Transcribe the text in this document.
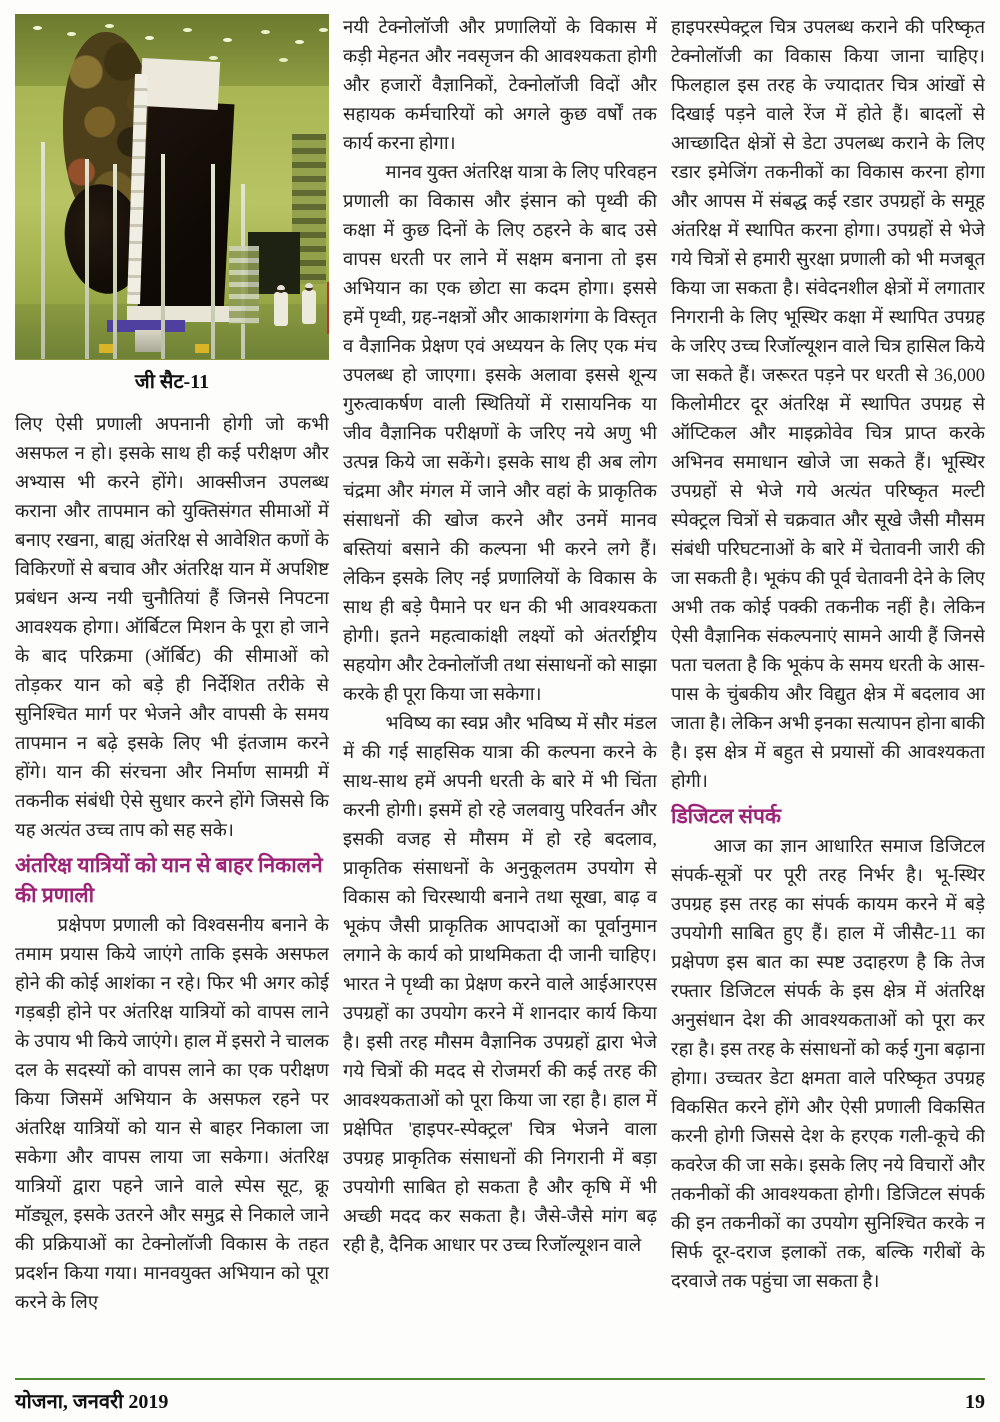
जी सैट-11

लिए ऐसी प्रणाली अपनानी होगी जो कभी असफल न हो। इसके साथ ही कई परीक्षण और अभ्यास भी करने होंगे। आक्सीजन उपलब्ध कराना और तापमान को युक्तिसंगत सीमाओं में बनाए रखना, बाह्य अंतरिक्ष से आवेशित कणों के विकिरणों से बचाव और अंतरिक्ष यान में अपशिष्ट प्रबंधन अन्य नयी चुनौतियां हैं जिनसे निपटना आवश्यक होगा। ऑर्बिटल मिशन के पूरा हो जाने के बाद परिक्रमा (ऑर्बिट) की सीमाओं को तोड़कर यान को बड़े ही निर्देशित तरीके से सुनिश्चित मार्ग पर भेजने और वापसी के समय तापमान न बढ़े इसके लिए भी इंतजाम करने होंगे। यान की संरचना और निर्माण सामग्री में तकनीक संबंधी ऐसे सुधार करने होंगे जिससे कि यह अत्यंत उच्च ताप को सह सके।

अंतरिक्ष यात्रियों को यान से बाहर निकालने की प्रणाली

प्रक्षेपण प्रणाली को विश्वसनीय बनाने के तमाम प्रयास किये जाएंगे ताकि इसके असफल होने की कोई आशंका न रहे। फिर भी अगर कोई गड़बड़ी होने पर अंतरिक्ष यात्रियों को वापस लाने के उपाय भी किये जाएंगे। हाल में इसरो ने चालक दल के सदस्यों को वापस लाने का एक परीक्षण किया जिसमें अभियान के असफल रहने पर अंतरिक्ष यात्रियों को यान से बाहर निकाला जा सकेगा और वापस लाया जा सकेगा। अंतरिक्ष यात्रियों द्वारा पहने जाने वाले स्पेस सूट, क्रू मॉड्यूल, इसके उतरने और समुद्र से निकाले जाने की प्रक्रियाओं का टेक्नोलॉजी विकास के तहत प्रदर्शन किया गया। मानवयुक्त अभियान को पूरा करने के लिए

नयी टेक्नोलॉजी और प्रणालियों के विकास में कड़ी मेहनत और नवसृजन की आवश्यकता होगी और हजारों वैज्ञानिकों, टेक्नोलॉजी विदों और सहायक कर्मचारियों को अगले कुछ वर्षों तक कार्य करना होगा।

मानव युक्त अंतरिक्ष यात्रा के लिए परिवहन प्रणाली का विकास और इंसान को पृथ्वी की कक्षा में कुछ दिनों के लिए ठहरने के बाद उसे वापस धरती पर लाने में सक्षम बनाना तो इस अभियान का एक छोटा सा कदम होगा। इससे हमें पृथ्वी, ग्रह-नक्षत्रों और आकाशगंगा के विस्तृत व वैज्ञानिक प्रेक्षण एवं अध्ययन के लिए एक मंच उपलब्ध हो जाएगा। इसके अलावा इससे शून्य गुरुत्वाकर्षण वाली स्थितियों में रासायनिक या जीव वैज्ञानिक परीक्षणों के जरिए नये अणु भी उत्पन्न किये जा सकेंगे। इसके साथ ही अब लोग चंद्रमा और मंगल में जाने और वहां के प्राकृतिक संसाधनों की खोज करने और उनमें मानव बस्तियां बसाने की कल्पना भी करने लगे हैं। लेकिन इसके लिए नई प्रणालियों के विकास के साथ ही बड़े पैमाने पर धन की भी आवश्यकता होगी। इतने महत्वाकांक्षी लक्ष्यों को अंतर्राष्ट्रीय सहयोग और टेक्नोलॉजी तथा संसाधनों को साझा करके ही पूरा किया जा सकेगा।

भविष्य का स्वप्न और भविष्य में सौर मंडल में की गई साहसिक यात्रा की कल्पना करने के साथ-साथ हमें अपनी धरती के बारे में भी चिंता करनी होगी। इसमें हो रहे जलवायु परिवर्तन और इसकी वजह से मौसम में हो रहे बदलाव, प्राकृतिक संसाधनों के अनुकूलतम उपयोग से विकास को चिरस्थायी बनाने तथा सूखा, बाढ़ व भूकंप जैसी प्राकृतिक आपदाओं का पूर्वानुमान लगाने के कार्य को प्राथमिकता दी जानी चाहिए। भारत ने पृथ्वी का प्रेक्षण करने वाले आईआरएस उपग्रहों का उपयोग करने में शानदार कार्य किया है। इसी तरह मौसम वैज्ञानिक उपग्रहों द्वारा भेजे गये चित्रों की मदद से रोजमर्रा की कई तरह की आवश्यकताओं को पूरा किया जा रहा है। हाल में प्रक्षेपित 'हाइपर-स्पेक्ट्रल' चित्र भेजने वाला उपग्रह प्राकृतिक संसाधनों की निगरानी में बड़ा उपयोगी साबित हो सकता है और कृषि में भी अच्छी मदद कर सकता है। जैसे-जैसे मांग बढ़ रही है, दैनिक आधार पर उच्च रिजॉल्यूशन वाले

हाइपरस्पेक्ट्रल चित्र उपलब्ध कराने की परिष्कृत टेक्नोलॉजी का विकास किया जाना चाहिए। फिलहाल इस तरह के ज्यादातर चित्र आंखों से दिखाई पड़ने वाले रेंज में होते हैं। बादलों से आच्छादित क्षेत्रों से डेटा उपलब्ध कराने के लिए रडार इमेजिंग तकनीकों का विकास करना होगा और आपस में संबद्ध कई रडार उपग्रहों के समूह अंतरिक्ष में स्थापित करना होगा। उपग्रहों से भेजे गये चित्रों से हमारी सुरक्षा प्रणाली को भी मजबूत किया जा सकता है। संवेदनशील क्षेत्रों में लगातार निगरानी के लिए भूस्थिर कक्षा में स्थापित उपग्रह के जरिए उच्च रिजॉल्यूशन वाले चित्र हासिल किये जा सकते हैं। जरूरत पड़ने पर धरती से 36,000 किलोमीटर दूर अंतरिक्ष में स्थापित उपग्रह से ऑप्टिकल और माइक्रोवेव चित्र प्राप्त करके अभिनव समाधान खोजे जा सकते हैं। भूस्थिर उपग्रहों से भेजे गये अत्यंत परिष्कृत मल्टी स्पेक्ट्रल चित्रों से चक्रवात और सूखे जैसी मौसम संबंधी परिघटनाओं के बारे में चेतावनी जारी की जा सकती है। भूकंप की पूर्व चेतावनी देने के लिए अभी तक कोई पक्की तकनीक नहीं है। लेकिन ऐसी वैज्ञानिक संकल्पनाएं सामने आयी हैं जिनसे पता चलता है कि भूकंप के समय धरती के आस-पास के चुंबकीय और विद्युत क्षेत्र में बदलाव आ जाता है। लेकिन अभी इनका सत्यापन होना बाकी है। इस क्षेत्र में बहुत से प्रयासों की आवश्यकता होगी।

डिजिटल संपर्क

आज का ज्ञान आधारित समाज डिजिटल संपर्क-सूत्रों पर पूरी तरह निर्भर है। भू-स्थिर उपग्रह इस तरह का संपर्क कायम करने में बड़े उपयोगी साबित हुए हैं। हाल में जीसैट-11 का प्रक्षेपण इस बात का स्पष्ट उदाहरण है कि तेज रफ्तार डिजिटल संपर्क के इस क्षेत्र में अंतरिक्ष अनुसंधान देश की आवश्यकताओं को पूरा कर रहा है। इस तरह के संसाधनों को कई गुना बढ़ाना होगा। उच्चतर डेटा क्षमता वाले परिष्कृत उपग्रह विकसित करने होंगे और ऐसी प्रणाली विकसित करनी होगी जिससे देश के हरएक गली-कूचे की कवरेज की जा सके। इसके लिए नये विचारों और तकनीकों की आवश्यकता होगी। डिजिटल संपर्क की इन तकनीकों का उपयोग सुनिश्चित करके न सिर्फ दूर-दराज इलाकों तक, बल्कि गरीबों के दरवाजे तक पहुंचा जा सकता है।

योजना, जनवरी 2019	19
